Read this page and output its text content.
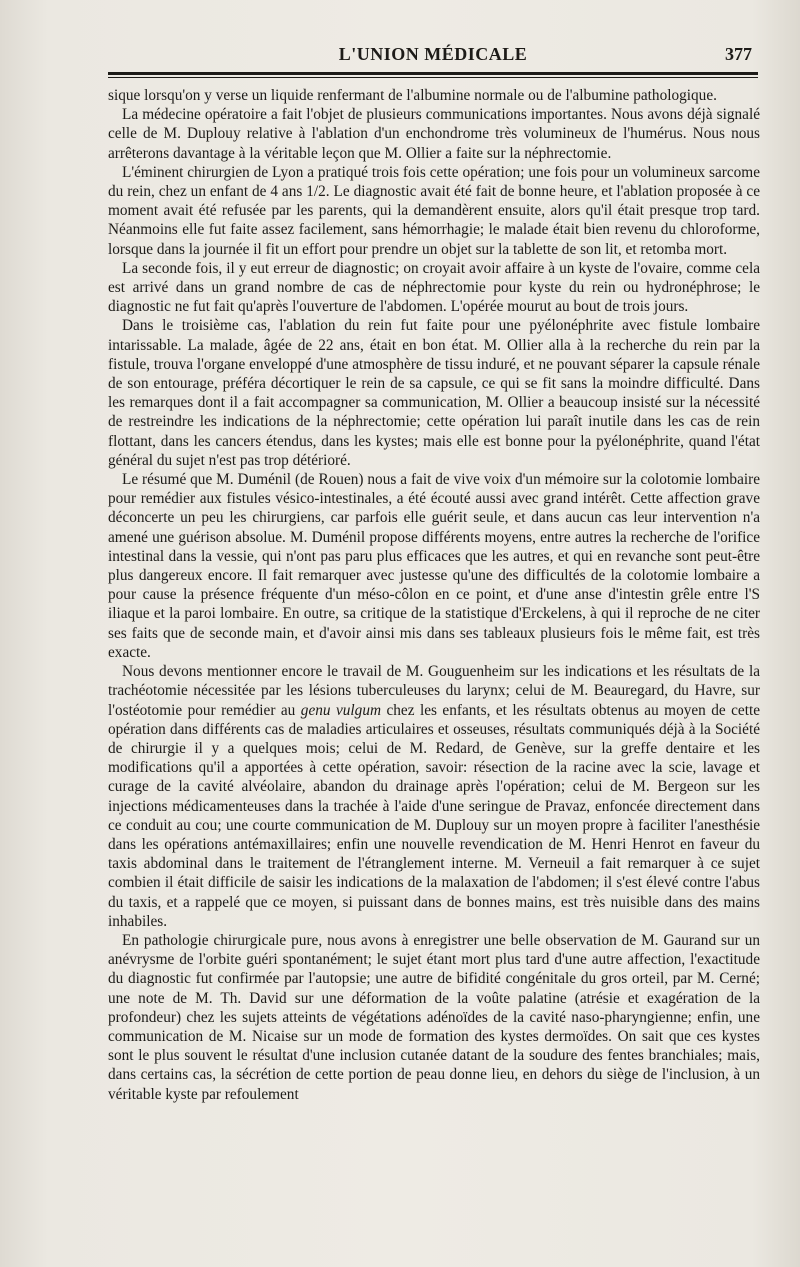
L'UNION MÉDICALE	377

sique lorsqu'on y verse un liquide renfermant de l'albumine normale ou de l'albumine pathologique.

La médecine opératoire a fait l'objet de plusieurs communications importantes. Nous avons déjà signalé celle de M. Duplouy relative à l'ablation d'un enchondrome très volumineux de l'humérus. Nous nous arrêterons davantage à la véritable leçon que M. Ollier a faite sur la néphrectomie.

L'éminent chirurgien de Lyon a pratiqué trois fois cette opération; une fois pour un volumineux sarcome du rein, chez un enfant de 4 ans 1/2. Le diagnostic avait été fait de bonne heure, et l'ablation proposée à ce moment avait été refusée par les parents, qui la demandèrent ensuite, alors qu'il était presque trop tard. Néanmoins elle fut faite assez facilement, sans hémorrhagie; le malade était bien revenu du chloroforme, lorsque dans la journée il fit un effort pour prendre un objet sur la tablette de son lit, et retomba mort.

La seconde fois, il y eut erreur de diagnostic; on croyait avoir affaire à un kyste de l'ovaire, comme cela est arrivé dans un grand nombre de cas de néphrectomie pour kyste du rein ou hydronéphrose; le diagnostic ne fut fait qu'après l'ouverture de l'abdomen. L'opérée mourut au bout de trois jours.

Dans le troisième cas, l'ablation du rein fut faite pour une pyélonéphrite avec fistule lombaire intarissable. La malade, âgée de 22 ans, était en bon état. M. Ollier alla à la recherche du rein par la fistule, trouva l'organe enveloppé d'une atmosphère de tissu induré, et ne pouvant séparer la capsule rénale de son entourage, préféra décortiquer le rein de sa capsule, ce qui se fit sans la moindre difficulté. Dans les remarques dont il a fait accompagner sa communication, M. Ollier a beaucoup insisté sur la nécessité de restreindre les indications de la néphrectomie; cette opération lui paraît inutile dans les cas de rein flottant, dans les cancers étendus, dans les kystes; mais elle est bonne pour la pyélonéphrite, quand l'état général du sujet n'est pas trop détérioré.

Le résumé que M. Duménil (de Rouen) nous a fait de vive voix d'un mémoire sur la colotomie lombaire pour remédier aux fistules vésico-intestinales, a été écouté aussi avec grand intérêt. Cette affection grave déconcerte un peu les chirurgiens, car parfois elle guérit seule, et dans aucun cas leur intervention n'a amené une guérison absolue. M. Duménil propose différents moyens, entre autres la recherche de l'orifice intestinal dans la vessie, qui n'ont pas paru plus efficaces que les autres, et qui en revanche sont peut-être plus dangereux encore. Il fait remarquer avec justesse qu'une des difficultés de la colotomie lombaire a pour cause la présence fréquente d'un méso-côlon en ce point, et d'une anse d'intestin grêle entre l'S iliaque et la paroi lombaire. En outre, sa critique de la statistique d'Erckelens, à qui il reproche de ne citer ses faits que de seconde main, et d'avoir ainsi mis dans ses tableaux plusieurs fois le même fait, est très exacte.

Nous devons mentionner encore le travail de M. Gouguenheim sur les indications et les résultats de la trachéotomie nécessitée par les lésions tuberculeuses du larynx; celui de M. Beauregard, du Havre, sur l'ostéotomie pour remédier au genu vulgum chez les enfants, et les résultats obtenus au moyen de cette opération dans différents cas de maladies articulaires et osseuses, résultats communiqués déjà à la Société de chirurgie il y a quelques mois; celui de M. Redard, de Genève, sur la greffe dentaire et les modifications qu'il a apportées à cette opération, savoir: résection de la racine avec la scie, lavage et curage de la cavité alvéolaire, abandon du drainage après l'opération; celui de M. Bergeon sur les injections médicamenteuses dans la trachée à l'aide d'une seringue de Pravaz, enfoncée directement dans ce conduit au cou; une courte communication de M. Duplouy sur un moyen propre à faciliter l'anesthésie dans les opérations antémaxillaires; enfin une nouvelle revendication de M. Henri Henrot en faveur du taxis abdominal dans le traitement de l'étranglement interne. M. Verneuil a fait remarquer à ce sujet combien il était difficile de saisir les indications de la malaxation de l'abdomen; il s'est élevé contre l'abus du taxis, et a rappelé que ce moyen, si puissant dans de bonnes mains, est très nuisible dans des mains inhabiles.

En pathologie chirurgicale pure, nous avons à enregistrer une belle observation de M. Gaurand sur un anévrysme de l'orbite guéri spontanément; le sujet étant mort plus tard d'une autre affection, l'exactitude du diagnostic fut confirmée par l'autopsie; une autre de bifidité congénitale du gros orteil, par M. Cerné; une note de M. Th. David sur une déformation de la voûte palatine (atrésie et exagération de la profondeur) chez les sujets atteints de végétations adénoïdes de la cavité naso-pharyngienne; enfin, une communication de M. Nicaise sur un mode de formation des kystes dermoïdes. On sait que ces kystes sont le plus souvent le résultat d'une inclusion cutanée datant de la soudure des fentes branchiales; mais, dans certains cas, la sécrétion de cette portion de peau donne lieu, en dehors du siège de l'inclusion, à un véritable kyste par refoulement
